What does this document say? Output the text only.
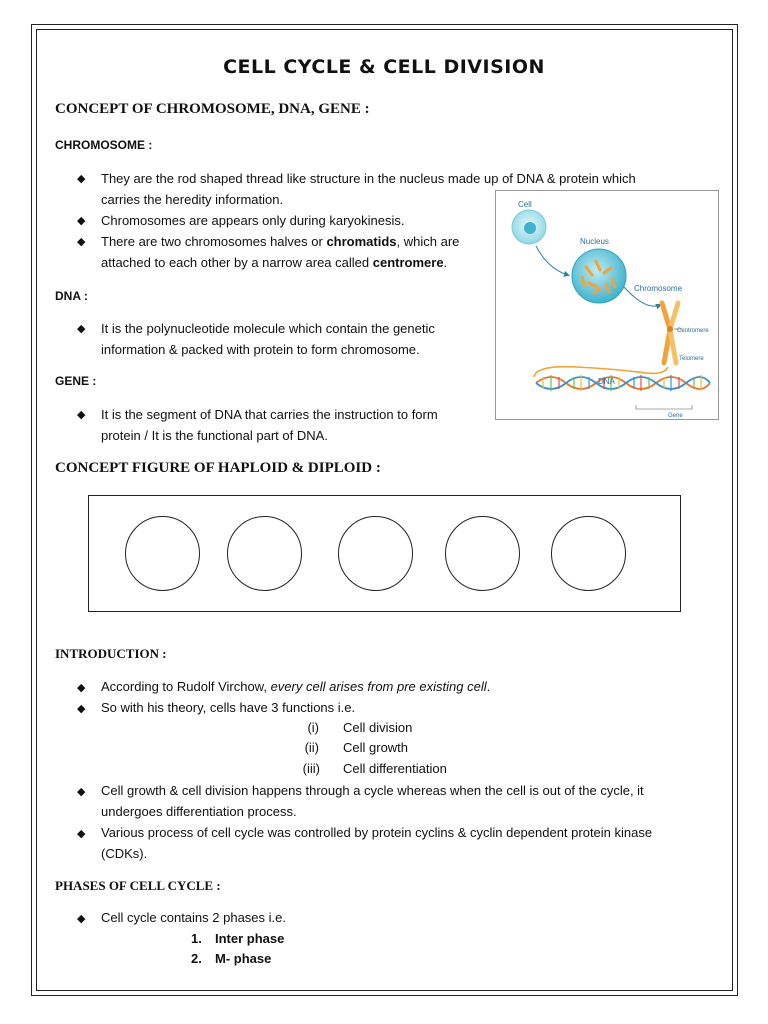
CELL CYCLE & CELL DIVISION
CONCEPT OF CHROMOSOME, DNA, GENE :
CHROMOSOME :
◆ They are the rod shaped thread like structure in the nucleus made up of DNA & protein which
carries the heredity information.
◆ Chromosomes are appears only during karyokinesis.
◆ There are two chromosomes halves or chromatids, which are
attached to each other by a narrow area called centromere.
DNA :
◆ It is the polynucleotide molecule which contain the genetic
information & packed with protein to form chromosome.
GENE :
◆ It is the segment of DNA that carries the instruction to form
protein / It is the functional part of DNA.
Cell
Nucleus
Chromosome
Centromere
Telomere
DNA
Gene
CONCEPT FIGURE OF HAPLOID & DIPLOID :
INTRODUCTION :
◆ According to Rudolf Virchow, every cell arises from pre existing cell.
◆ So with his theory, cells have 3 functions i.e.
(i) Cell division
(ii) Cell growth
(iii) Cell differentiation
◆ Cell growth & cell division happens through a cycle whereas when the cell is out of the cycle, it
undergoes differentiation process.
◆ Various process of cell cycle was controlled by protein cyclins & cyclin dependent protein kinase
(CDKs).
PHASES OF CELL CYCLE :
◆ Cell cycle contains 2 phases i.e.
1. Inter phase
2. M- phase
